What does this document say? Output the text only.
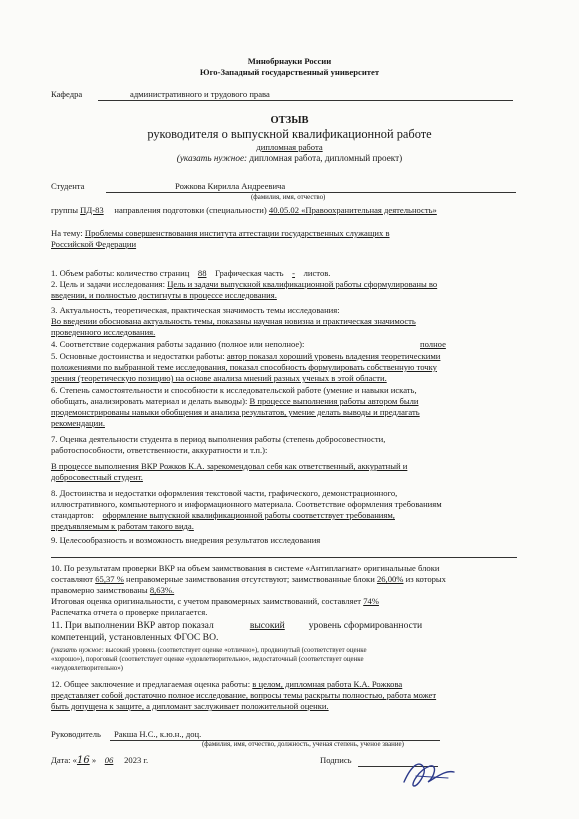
Минобрнауки России
Юго-Западный государственный университет
Кафедра	административного и трудового права
ОТЗЫВ
руководителя о выпускной квалификационной работе
дипломная работа
(указать нужное: дипломная работа, дипломный проект)
Студента	Рожкова Кирилла Андреевича
(фамилия, имя, отчество)
группы ПД-83 направления подготовки (специальности) 40.05.02 «Правоохранительная деятельность»
На тему: Проблемы совершенствования института аттестации государственных служащих в
Российской Федерации
1. Объем работы: количество страниц 88 Графическая часть - листов.
2. Цель и задачи исследования: Цель и задачи выпускной квалификационной работы сформулированы во
введении, и полностью достигнуты в процессе исследования.
3. Актуальность, теоретическая, практическая значимость темы исследования:
Во введении обоснована актуальность темы, показаны научная новизна и практическая значимость
проведенного исследования.
4. Соответствие содержания работы заданию (полное или неполное):	полное
5. Основные достоинства и недостатки работы: автор показал хороший уровень владения теоретическими
положениями по выбранной теме исследования, показал способность формулировать собственную точку
зрения (теоретическую позицию) на основе анализа мнений разных ученых в этой области.
6. Степень самостоятельности и способности к исследовательской работе (умение и навыки искать,
обобщать, анализировать материал и делать выводы): В процессе выполнения работы автором были
продемонстрированы навыки обобщения и анализа результатов, умение делать выводы и предлагать
рекомендации.
7. Оценка деятельности студента в период выполнения работы (степень добросовестности,
работоспособности, ответственности, аккуратности и т.п.):
В процессе выполнения ВКР Рожков К.А. зарекомендовал себя как ответственный, аккуратный и
добросовестный студент.
8. Достоинства и недостатки оформления текстовой части, графического, демонстрационного,
иллюстративного, компьютерного и информационного материала. Соответствие оформления требованиям
стандартов: оформление выпускной квалификационной работы соответствует требованиям,
предъявляемым к работам такого вида.
9. Целесообразность и возможность внедрения результатов исследования
10. По результатам проверки ВКР на объем заимствования в системе «Антиплагиат» оригинальные блоки
составляют 65,37 % неправомерные заимствования отсутствуют; заимствованные блоки 26,00% из которых
правомерно заимствованы 8,63%.
Итоговая оценка оригинальности, с учетом правомерных заимствований, составляет 74%
Распечатка отчета о проверке прилагается.
11. При выполнении ВКР автор показал	высокий уровень сформированности
компетенций, установленных ФГОС ВО.
(указать нужное: высокий уровень (соответствует оценке «отлично»), продвинутый (соответствует оценке
«хорошо»), пороговый (соответствует оценке «удовлетворительно», недостаточный (соответствует оценке
«неудовлетворительно»)
12. Общее заключение и предлагаемая оценка работы: в целом, дипломная работа К.А. Рожкова
представляет собой достаточно полное исследование, вопросы темы раскрыты полностью, работа может
быть допущена к защите, а дипломант заслуживает положительной оценки.
Руководитель Ракша Н.С., к.ю.н., доц.
(фамилия, имя, отчество, должность, ученая степень, ученое звание)
Дата: «16 » 06 2023 г.	Подпись
